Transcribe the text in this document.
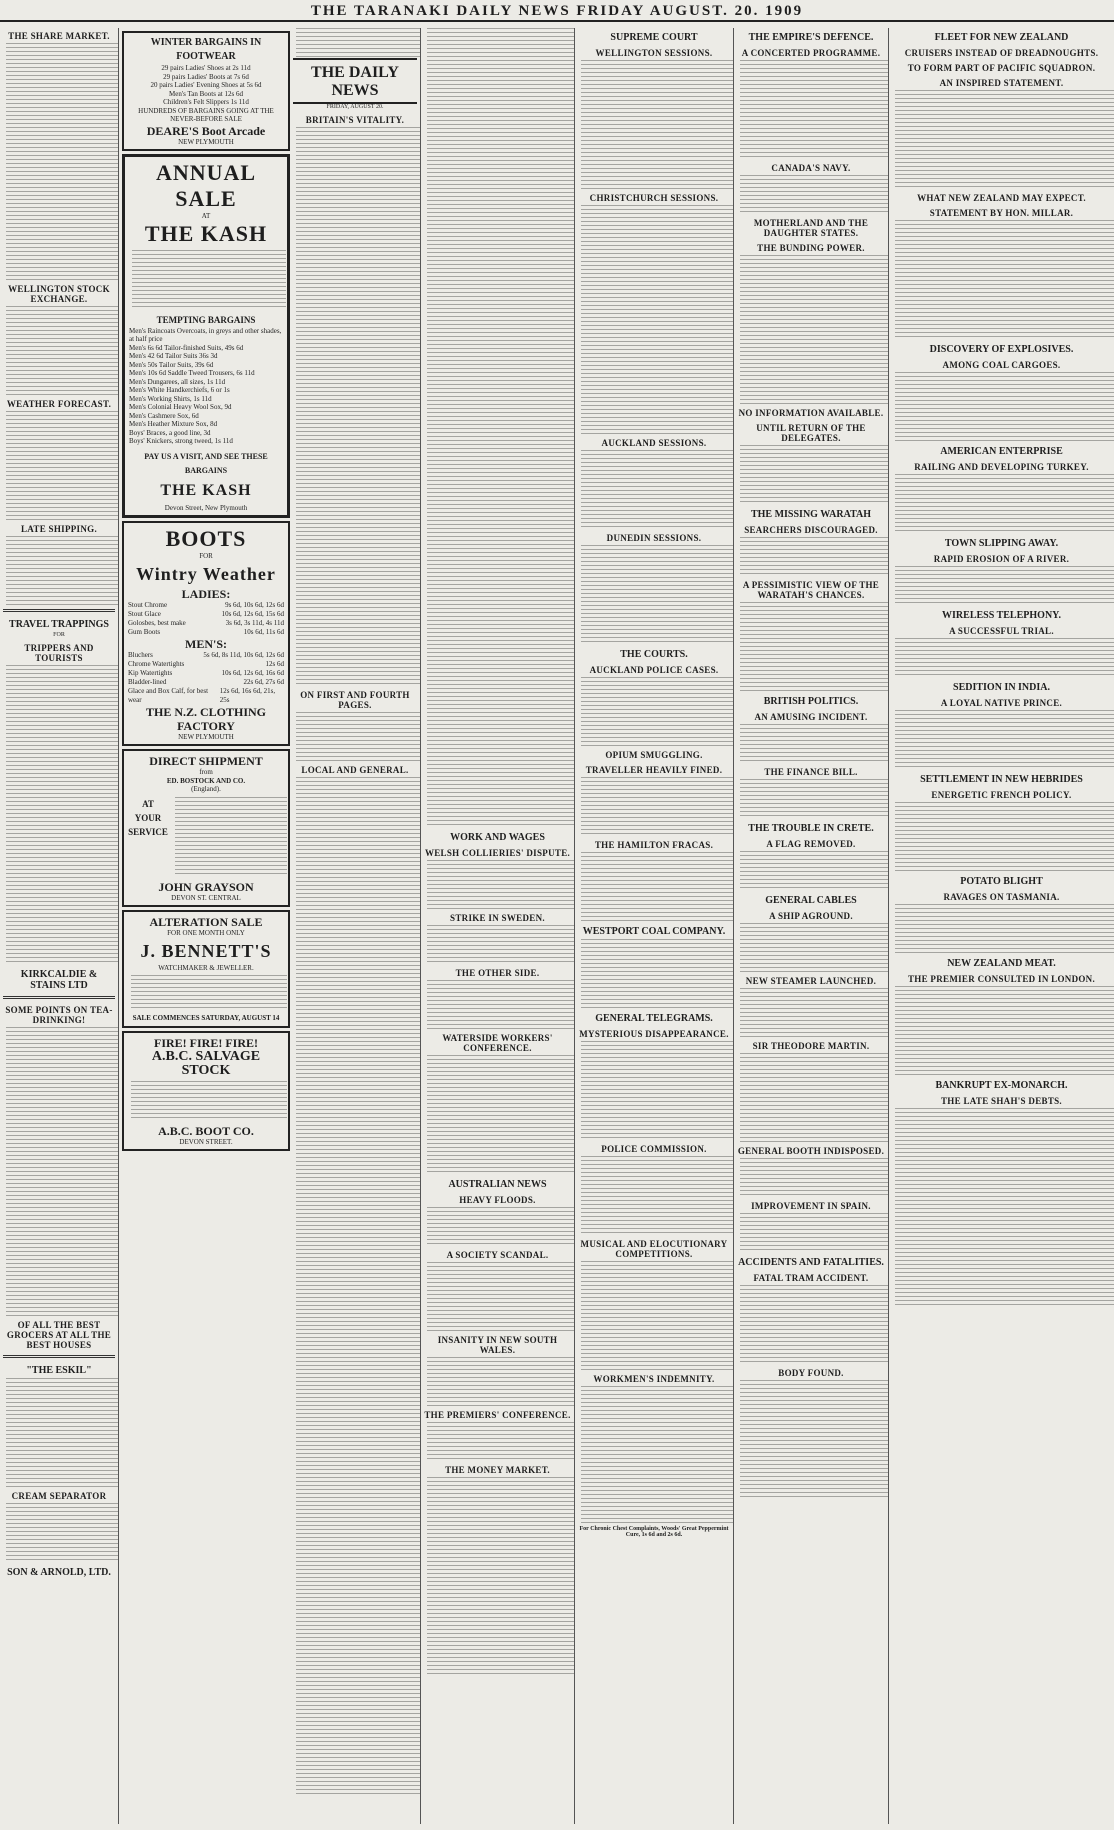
THE TARANAKI DAILY NEWS FRIDAY AUGUST. 20. 1909
THE SHARE MARKET.
WELLINGTON STOCK EXCHANGE.
WEATHER FORECAST.
LATE SHIPPING.
TRAVEL TRAPPINGS
FOR
TRIPPERS AND TOURISTS
KIRKCALDIE & STAINS LTD
SOME POINTS ON TEA-DRINKING!
OF ALL THE BEST GROCERS AT ALL THE BEST HOUSES
"THE ESKIL"
CREAM SEPARATOR
SON & ARNOLD, LTD.
WINTER BARGAINS IN FOOTWEAR
29 pairs Ladies' Shoes at 2s 11d
29 pairs Ladies' Boots at 7s 6d
20 pairs Ladies' Evening Shoes at 5s 6d
Men's Tan Boots at 12s 6d
Children's Felt Slippers 1s 11d
HUNDREDS OF BARGAINS GOING AT THE NEVER-BEFORE SALE
DEARE'S Boot Arcade
NEW PLYMOUTH
ANNUAL SALE
AT
THE KASH
TEMPTING BARGAINS
Men's Raincoats Overcoats, in greys and other shades, at half price
Men's 6s 6d Tailor-finished Suits, 49s 6d
Men's 42 6d Tailor Suits 36s 3d
Men's 50s Tailor Suits, 39s 6d
Men's 10s 6d Saddle Tweed Trousers, 6s 11d
Men's Dungarees, all sizes, 1s 11d
Men's White Handkerchiefs, 6 or 1s
Men's Working Shirts, 1s 11d
Men's Colonial Heavy Wool Sox, 9d
Men's Cashmere Sox, 6d
Men's Heather Mixture Sox, 8d
Boys' Braces, a good line, 3d
Boys' Knickers, strong tweed, 1s 11d
PAY US A VISIT, AND SEE THESE BARGAINS
THE KASH
Devon Street, New Plymouth
BOOTS
FOR
Wintry Weather
LADIES:
Stout Chrome	9s 6d, 10s 6d, 12s 6d
Stout Glace	10s 6d, 12s 6d, 15s 6d
Golosbes, best make	3s 6d, 3s 11d, 4s 11d
Gum Boots	10s 6d, 11s 6d
MEN'S:
Bluchers	5s 6d, 8s 11d, 10s 6d, 12s 6d
Chrome Watertights	12s 6d
Kip Watertights	10s 6d, 12s 6d, 16s 6d
Bladder-lined	22s 6d, 27s 6d
Glace and Box Calf, for best wear
12s 6d, 16s 6d, 21s, 25s
THE N.Z. CLOTHING FACTORY
NEW PLYMOUTH
DIRECT SHIPMENT
from
ED. BOSTOCK AND CO.
(England).
AT YOUR SERVICE
JOHN GRAYSON
DEVON ST. CENTRAL
ALTERATION SALE
FOR ONE MONTH ONLY
J. BENNETT'S
WATCHMAKER & JEWELLER.
SALE COMMENCES SATURDAY, AUGUST 14
FIRE! FIRE! FIRE!
A.B.C. SALVAGE STOCK
A.B.C. BOOT CO.
DEVON STREET.
THE DAILY NEWS
FRIDAY, AUGUST 20.
BRITAIN'S VITALITY.
ON FIRST AND FOURTH PAGES.
LOCAL AND GENERAL.
WORK AND WAGES
WELSH COLLIERIES' DISPUTE.
STRIKE IN SWEDEN.
THE OTHER SIDE.
WATERSIDE WORKERS' CONFERENCE.
AUSTRALIAN NEWS
HEAVY FLOODS.
A SOCIETY SCANDAL.
INSANITY IN NEW SOUTH WALES.
THE PREMIERS' CONFERENCE.
THE MONEY MARKET.
SUPREME COURT
WELLINGTON SESSIONS.
CHRISTCHURCH SESSIONS.
AUCKLAND SESSIONS.
DUNEDIN SESSIONS.
THE COURTS.
AUCKLAND POLICE CASES.
OPIUM SMUGGLING.
TRAVELLER HEAVILY FINED.
THE HAMILTON FRACAS.
WESTPORT COAL COMPANY.
GENERAL TELEGRAMS.
MYSTERIOUS DISAPPEARANCE.
POLICE COMMISSION.
MUSICAL AND ELOCUTIONARY COMPETITIONS.
WORKMEN'S INDEMNITY.
For Chronic Chest Complaints, Woods' Great Peppermint Cure, 1s 6d and 2s 6d.
THE EMPIRE'S DEFENCE.
A CONCERTED PROGRAMME.
CANADA'S NAVY.
MOTHERLAND AND THE DAUGHTER STATES.
THE BUNDING POWER.
NO INFORMATION AVAILABLE.
UNTIL RETURN OF THE DELEGATES.
THE MISSING WARATAH
SEARCHERS DISCOURAGED.
A PESSIMISTIC VIEW OF THE WARATAH'S CHANCES.
BRITISH POLITICS.
AN AMUSING INCIDENT.
THE FINANCE BILL.
THE TROUBLE IN CRETE.
A FLAG REMOVED.
GENERAL CABLES
A SHIP AGROUND.
NEW STEAMER LAUNCHED.
SIR THEODORE MARTIN.
GENERAL BOOTH INDISPOSED.
IMPROVEMENT IN SPAIN.
ACCIDENTS AND FATALITIES.
FATAL TRAM ACCIDENT.
BODY FOUND.
FLEET FOR NEW ZEALAND
CRUISERS INSTEAD OF DREADNOUGHTS.
TO FORM PART OF PACIFIC SQUADRON.
AN INSPIRED STATEMENT.
WHAT NEW ZEALAND MAY EXPECT.
STATEMENT BY HON. MILLAR.
DISCOVERY OF EXPLOSIVES.
AMONG COAL CARGOES.
AMERICAN ENTERPRISE
RAILING AND DEVELOPING TURKEY.
TOWN SLIPPING AWAY.
RAPID EROSION OF A RIVER.
WIRELESS TELEPHONY.
A SUCCESSFUL TRIAL.
SEDITION IN INDIA.
A LOYAL NATIVE PRINCE.
SETTLEMENT IN NEW HEBRIDES
ENERGETIC FRENCH POLICY.
POTATO BLIGHT
RAVAGES ON TASMANIA.
NEW ZEALAND MEAT.
THE PREMIER CONSULTED IN LONDON.
BANKRUPT EX-MONARCH.
THE LATE SHAH'S DEBTS.
